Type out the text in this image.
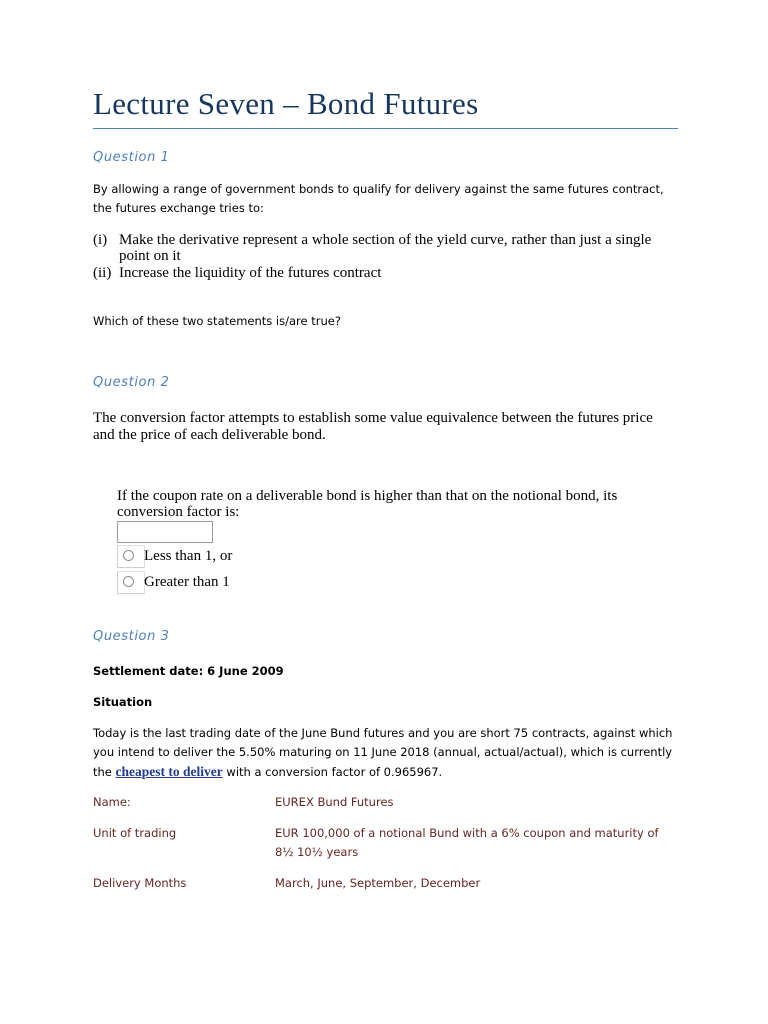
Lecture Seven – Bond Futures
Question 1
By allowing a range of government bonds to qualify for delivery against the same futures contract, the futures exchange tries to:
(i) Make the derivative represent a whole section of the yield curve, rather than just a single point on it
(ii) Increase the liquidity of the futures contract
Which of these two statements is/are true?
Question 2
The conversion factor attempts to establish some value equivalence between the futures price and the price of each deliverable bond.
If the coupon rate on a deliverable bond is higher than that on the notional bond, its conversion factor is:
Less than 1, or
Greater than 1
Question 3
Settlement date: 6 June 2009
Situation
Today is the last trading date of the June Bund futures and you are short 75 contracts, against which you intend to deliver the 5.50% maturing on 11 June 2018 (annual, actual/actual), which is currently the cheapest to deliver with a conversion factor of 0.965967.
Name:	EUREX Bund Futures
Unit of trading	EUR 100,000 of a notional Bund with a 6% coupon and maturity of 8½ 10½ years
Delivery Months	March, June, September, December
